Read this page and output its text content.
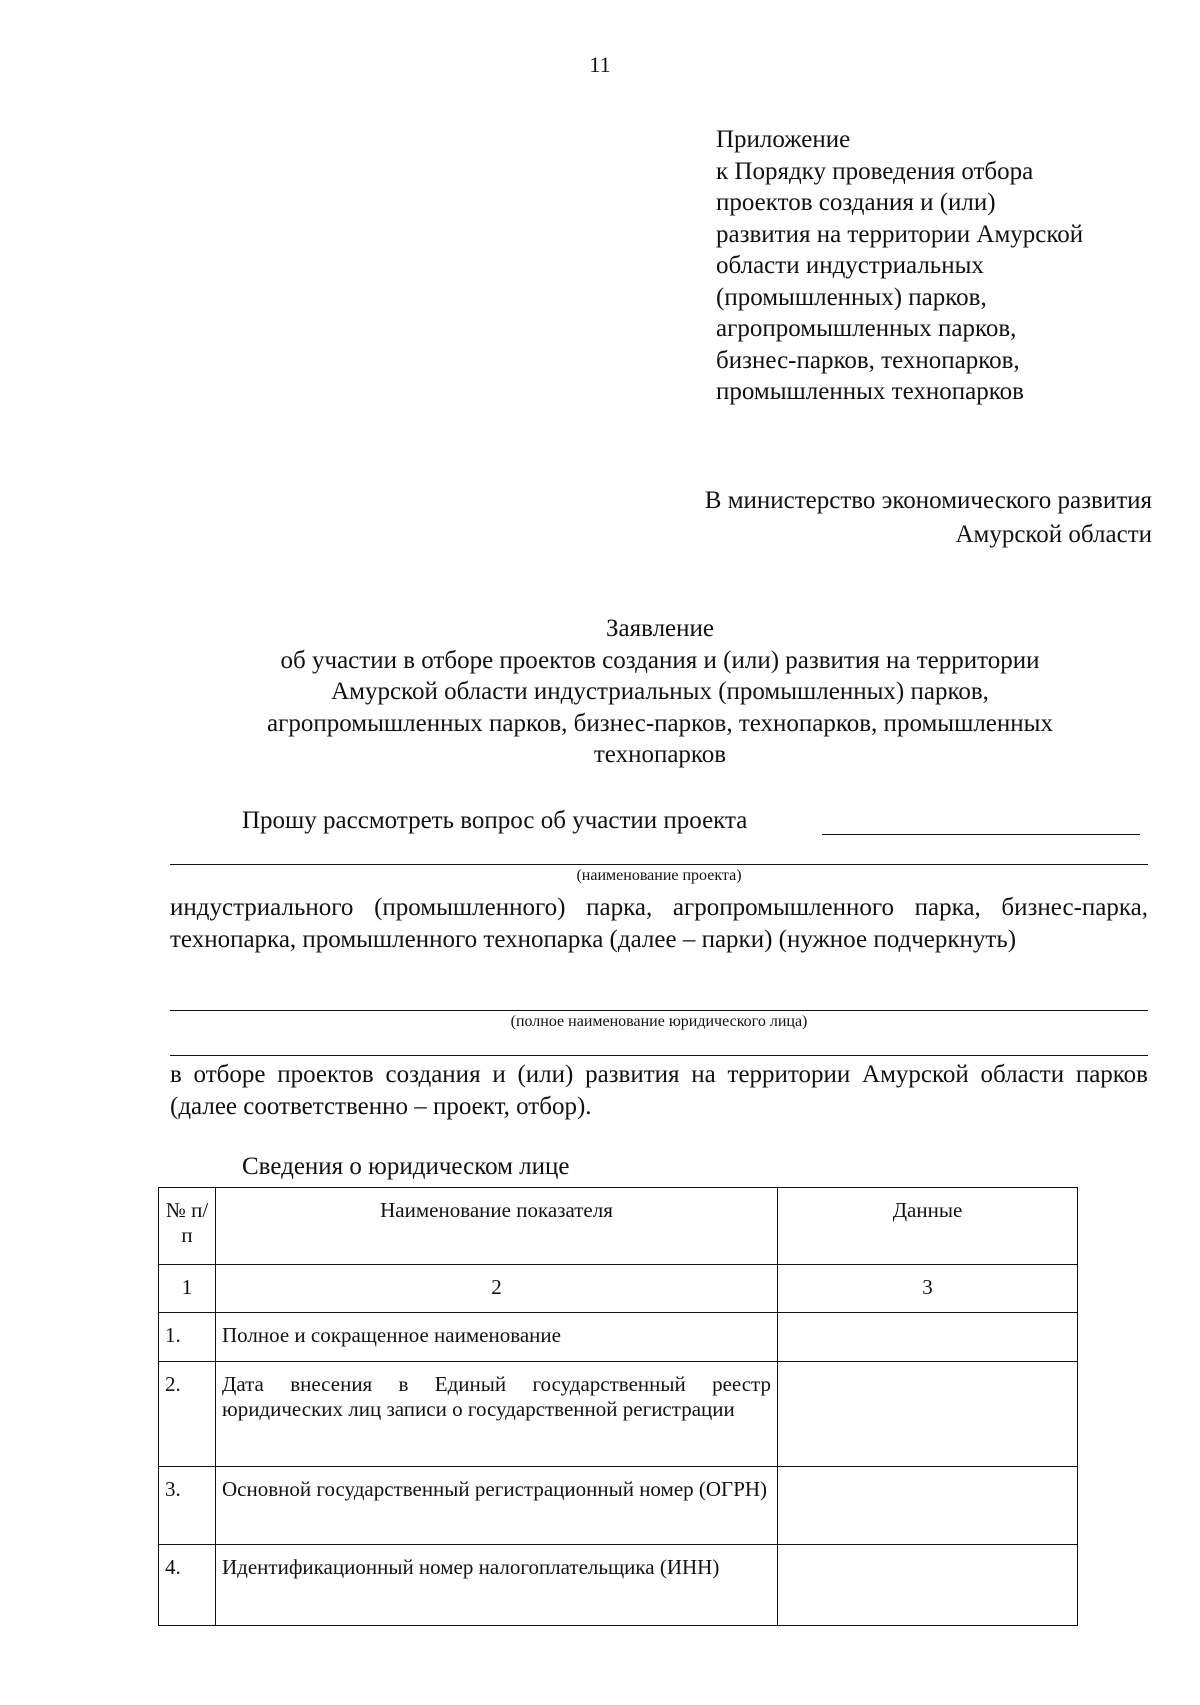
11
Приложение
к Порядку проведения отбора
проектов создания и (или)
развития на территории Амурской
области индустриальных
(промышленных) парков,
агропромышленных парков,
бизнес-парков, технопарков,
промышленных технопарков
В министерство экономического развития
Амурской области
Заявление
об участии в отборе проектов создания и (или) развития на территории
Амурской области индустриальных (промышленных) парков,
агропромышленных парков, бизнес-парков, технопарков, промышленных
технопарков
Прошу рассмотреть вопрос об участии проекта
(наименование проекта)
индустриального (промышленного) парка, агропромышленного парка, бизнес-парка, технопарка, промышленного технопарка (далее – парки) (нужное подчеркнуть)
(полное наименование юридического лица)
в отборе проектов создания и (или) развития на территории Амурской области парков (далее соответственно – проект, отбор).
Сведения о юридическом лице
№ п/п	Наименование показателя	Данные
1	2	3
1.	Полное и сокращенное наименование	
2.	Дата внесения в Единый государственный реестр юридических лиц записи о государственной регистрации	
3.	Основной государственный регистрационный номер (ОГРН)	
4.	Идентификационный номер налогоплательщика (ИНН)	
